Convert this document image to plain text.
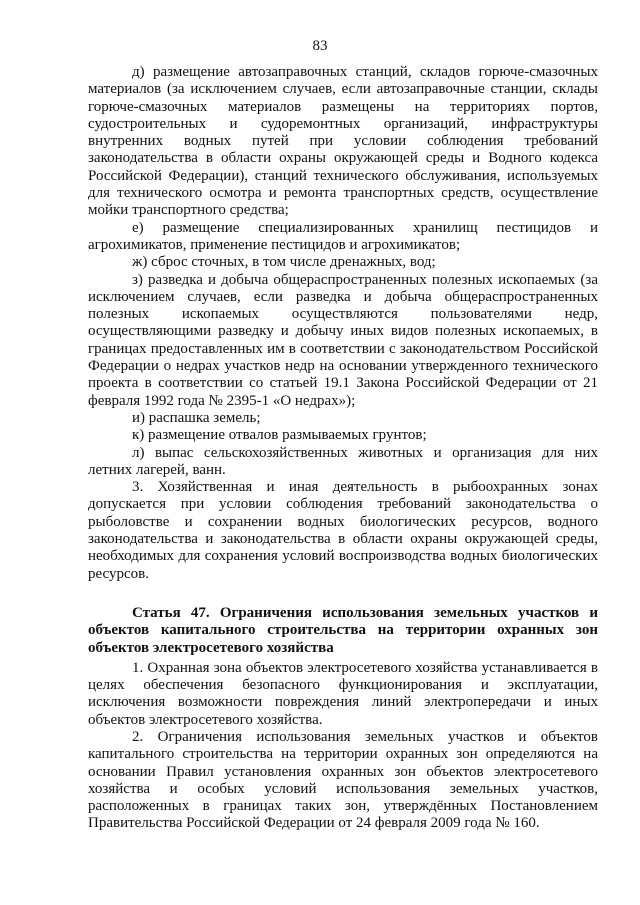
83

д) размещение автозаправочных станций, складов горюче-смазочных материалов (за исключением случаев, если автозаправочные станции, склады горюче-смазочных материалов размещены на территориях портов, судостроительных и судоремонтных организаций, инфраструктуры внутренних водных путей при условии соблюдения требований законодательства в области охраны окружающей среды и Водного кодекса Российской Федерации), станций технического обслуживания, используемых для технического осмотра и ремонта транспортных средств, осуществление мойки транспортного средства;

е) размещение специализированных хранилищ пестицидов и агрохимикатов, применение пестицидов и агрохимикатов;

ж) сброс сточных, в том числе дренажных, вод;

з) разведка и добыча общераспространенных полезных ископаемых (за исключением случаев, если разведка и добыча общераспространенных полезных ископаемых осуществляются пользователями недр, осуществляющими разведку и добычу иных видов полезных ископаемых, в границах предоставленных им в соответствии с законодательством Российской Федерации о недрах участков недр на основании утвержденного технического проекта в соответствии со статьей 19.1 Закона Российской Федерации от 21 февраля 1992 года № 2395-1 «О недрах»);

и) распашка земель;

к) размещение отвалов размываемых грунтов;

л) выпас сельскохозяйственных животных и организация для них летних лагерей, ванн.

3. Хозяйственная и иная деятельность в рыбоохранных зонах допускается при условии соблюдения требований законодательства о рыболовстве и сохранении водных биологических ресурсов, водного законодательства и законодательства в области охраны окружающей среды, необходимых для сохранения условий воспроизводства водных биологических ресурсов.

Статья 47. Ограничения использования земельных участков и объектов капитального строительства на территории охранных зон объектов электросетевого хозяйства

1. Охранная зона объектов электросетевого хозяйства устанавливается в целях обеспечения безопасного функционирования и эксплуатации, исключения возможности повреждения линий электропередачи и иных объектов электросетевого хозяйства.

2. Ограничения использования земельных участков и объектов капитального строительства на территории охранных зон определяются на основании Правил установления охранных зон объектов электросетевого хозяйства и особых условий использования земельных участков, расположенных в границах таких зон, утверждённых Постановлением Правительства Российской Федерации от 24 февраля 2009 года № 160.
